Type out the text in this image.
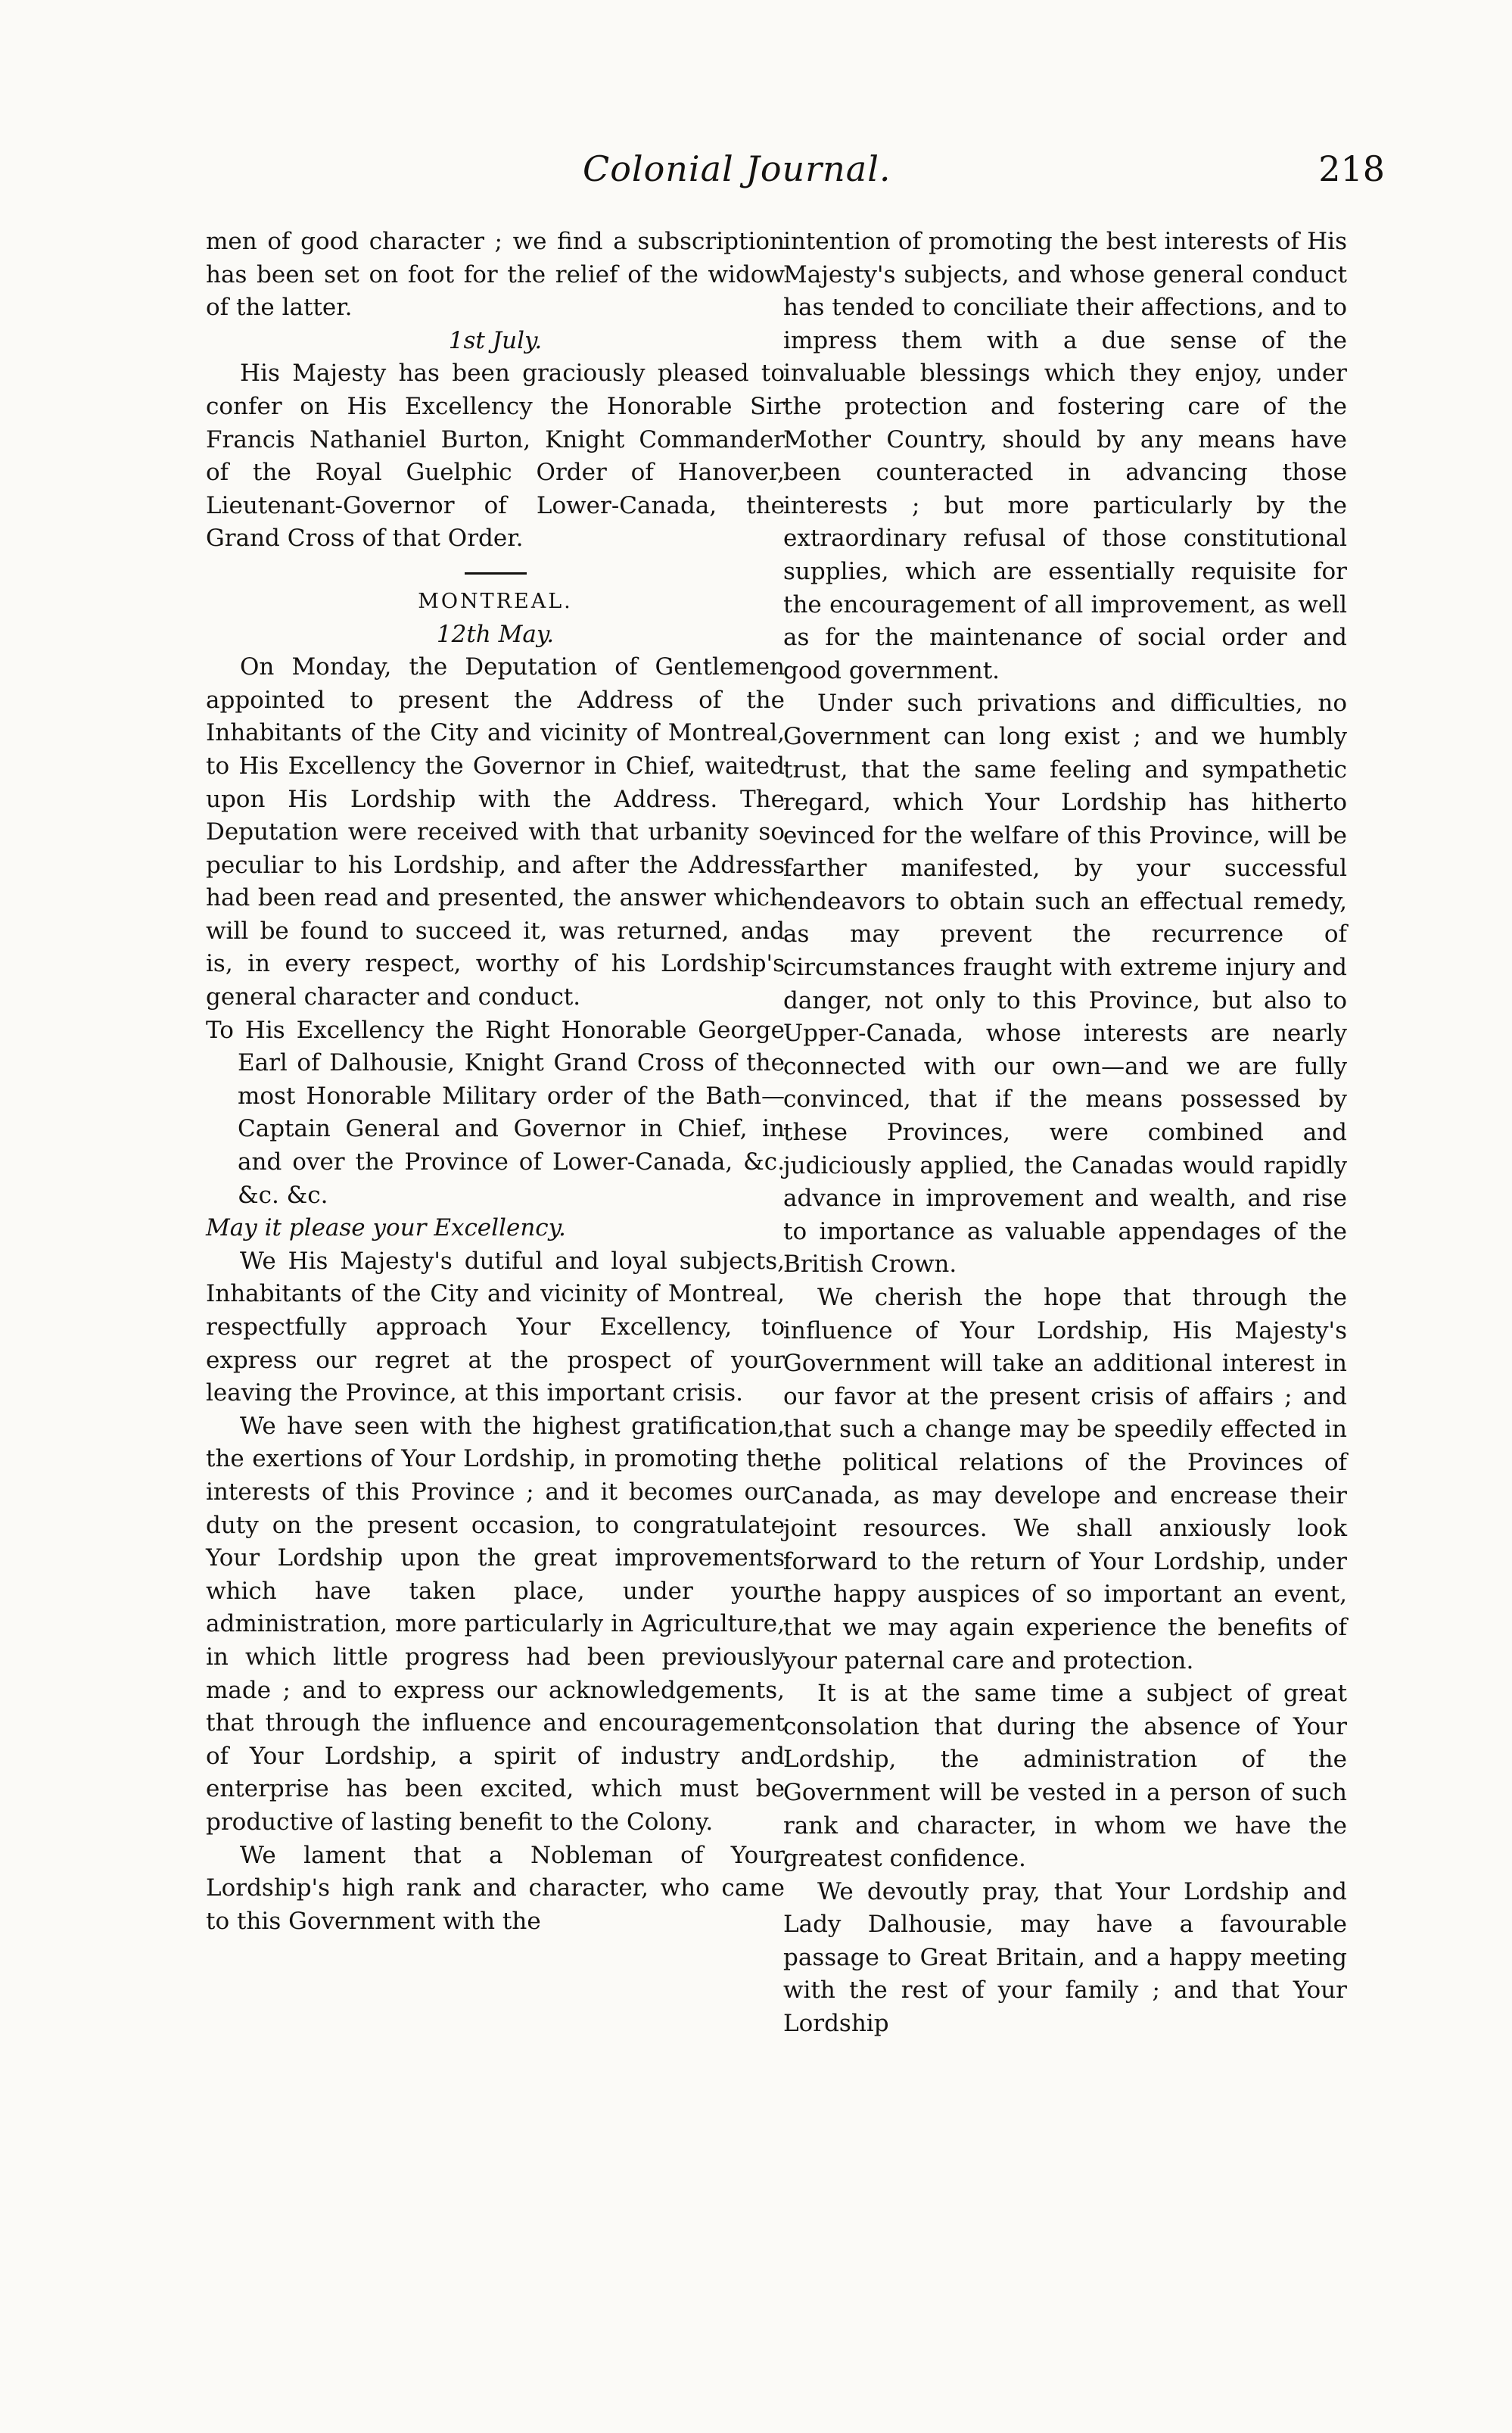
Colonial Journal.	218

men of good character ; we find a subscription has been set on foot for the relief of the widow of the latter.

1st July.

His Majesty has been graciously pleased to confer on His Excellency the Honorable Sir Francis Nathaniel Burton, Knight Commander of the Royal Guelphic Order of Hanover, Lieutenant-Governor of Lower-Canada, the Grand Cross of that Order.

MONTREAL.

12th May.

On Monday, the Deputation of Gentlemen appointed to present the Address of the Inhabitants of the City and vicinity of Montreal, to His Excellency the Governor in Chief, waited upon His Lordship with the Address. The Deputation were received with that urbanity so peculiar to his Lordship, and after the Address had been read and presented, the answer which will be found to succeed it, was returned, and is, in every respect, worthy of his Lordship's general character and conduct.

To His Excellency the Right Honorable George Earl of Dalhousie, Knight Grand Cross of the most Honorable Military order of the Bath—Captain General and Governor in Chief, in and over the Province of Lower-Canada, &c. &c. &c.

May it please your Excellency.

We His Majesty's dutiful and loyal subjects, Inhabitants of the City and vicinity of Montreal, respectfully approach Your Excellency, to express our regret at the prospect of your leaving the Province, at this important crisis.

We have seen with the highest gratification, the exertions of Your Lordship, in promoting the interests of this Province ; and it becomes our duty on the present occasion, to congratulate Your Lordship upon the great improvements which have taken place, under your administration, more particularly in Agriculture, in which little progress had been previously made ; and to express our acknowledgements, that through the influence and encouragement of Your Lordship, a spirit of industry and enterprise has been excited, which must be productive of lasting benefit to the Colony.

We lament that a Nobleman of Your Lordship's high rank and character, who came to this Government with the

intention of promoting the best interests of His Majesty's subjects, and whose general conduct has tended to conciliate their affections, and to impress them with a due sense of the invaluable blessings which they enjoy, under the protection and fostering care of the Mother Country, should by any means have been counteracted in advancing those interests ; but more particularly by the extraordinary refusal of those constitutional supplies, which are essentially requisite for the encouragement of all improvement, as well as for the maintenance of social order and good government.

Under such privations and difficulties, no Government can long exist ; and we humbly trust, that the same feeling and sympathetic regard, which Your Lordship has hitherto evinced for the welfare of this Province, will be farther manifested, by your successful endeavors to obtain such an effectual remedy, as may prevent the recurrence of circumstances fraught with extreme injury and danger, not only to this Province, but also to Upper-Canada, whose interests are nearly connected with our own—and we are fully convinced, that if the means possessed by these Provinces, were combined and judiciously applied, the Canadas would rapidly advance in improvement and wealth, and rise to importance as valuable appendages of the British Crown.

We cherish the hope that through the influence of Your Lordship, His Majesty's Government will take an additional interest in our favor at the present crisis of affairs ; and that such a change may be speedily effected in the political relations of the Provinces of Canada, as may develope and encrease their joint resources. We shall anxiously look forward to the return of Your Lordship, under the happy auspices of so important an event, that we may again experience the benefits of your paternal care and protection.

It is at the same time a subject of great consolation that during the absence of Your Lordship, the administration of the Government will be vested in a person of such rank and character, in whom we have the greatest confidence.

We devoutly pray, that Your Lordship and Lady Dalhousie, may have a favourable passage to Great Britain, and a happy meeting with the rest of your family ; and that Your Lordship
